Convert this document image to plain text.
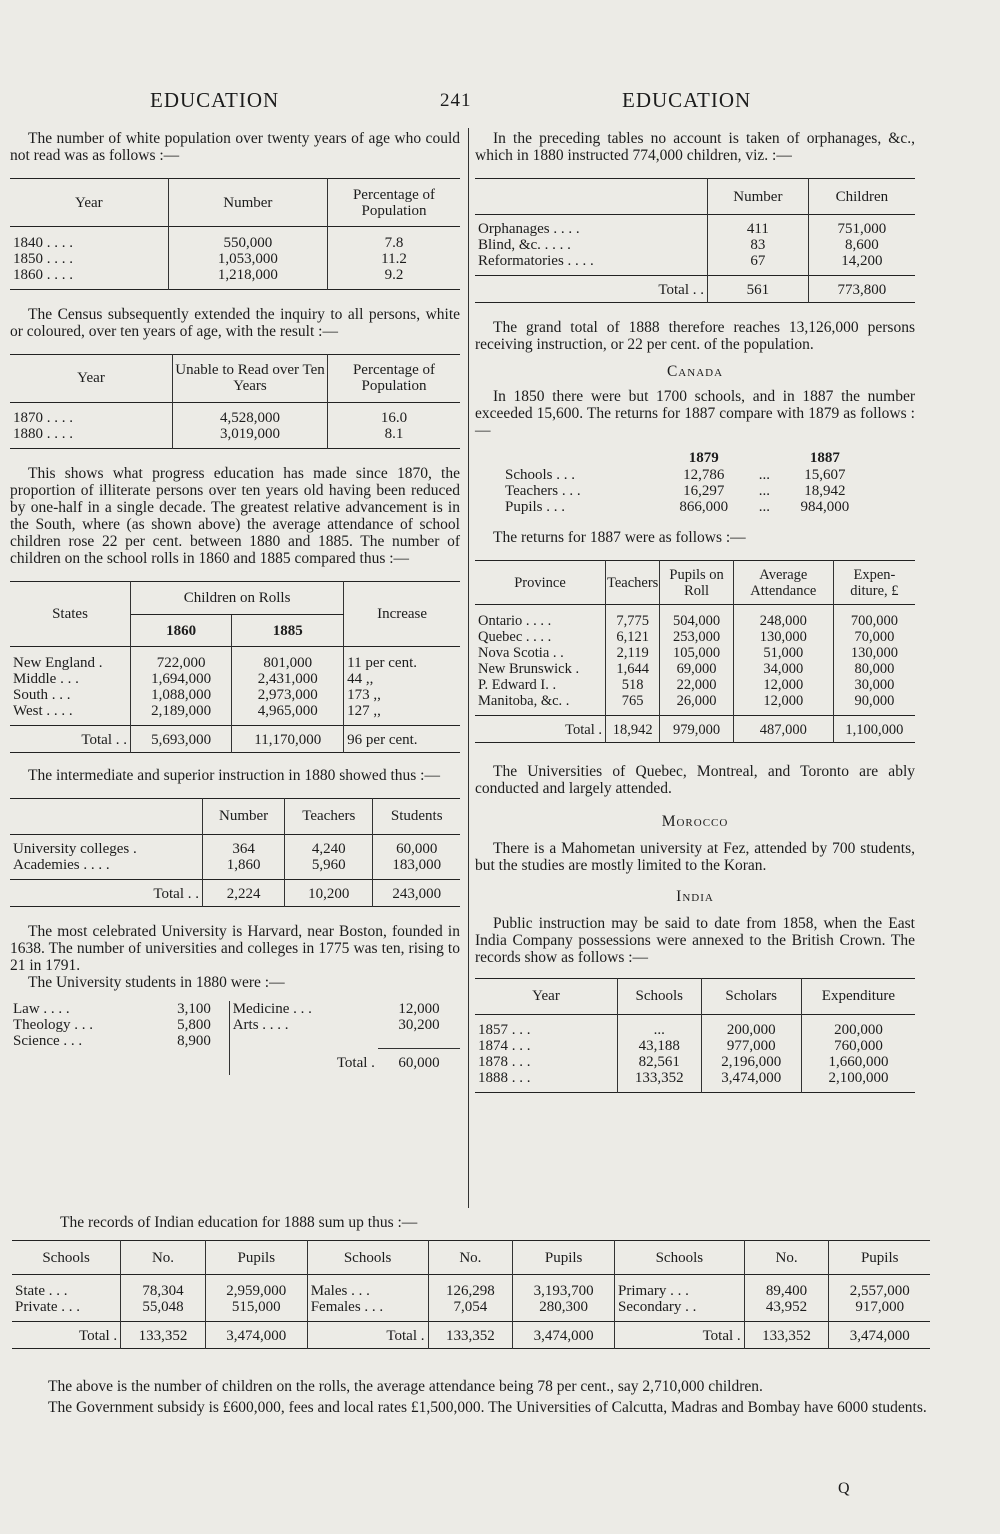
EDUCATION	241	EDUCATION

The number of white population over twenty years of age who could not read was as follows :—

Year	Number	Percentage of Population

1840 . . . .	550,000	7.8
1850 . . . .	1,053,000	11.2
1860 . . . .	1,218,000	9.2

The Census subsequently extended the inquiry to all persons, white or coloured, over ten years of age, with the result :—

Year	Unable to Read over Ten Years	Percentage of Population

1870 . . . .	4,528,000	16.0
1880 . . . .	3,019,000	8.1

This shows what progress education has made since 1870, the proportion of illiterate persons over ten years old having been reduced by one-half in a single decade. The greatest relative advancement is in the South, where (as shown above) the average attendance of school children rose 22 per cent. between 1880 and 1885. The number of children on the school rolls in 1860 and 1885 compared thus :—

States	Children on Rolls		Increase
	1860	1885	

New England .	722,000	801,000	11 per cent.
Middle . . .	1,694,000	2,431,000	44 ,,
South . . .	1,088,000	2,973,000	173 ,,
West . . . .	2,189,000	4,965,000	127 ,,
Total . .	5,693,000	11,170,000	96 per cent.

The intermediate and superior instruction in 1880 showed thus :—

	Number	Teachers	Students
University colleges .	364	4,240	60,000
Academies . . . .	1,860	5,960	183,000
Total . .	2,224	10,200	243,000

The most celebrated University is Harvard, near Boston, founded in 1638. The number of universities and colleges in 1775 was ten, rising to 21 in 1791.

The University students in 1880 were :—

Law . . . .	3,100	Medicine . . .	12,000
Theology . . .	5,800	Arts . . . .	30,200
Science . . .	8,900		
		Total .	60,000

In the preceding tables no account is taken of orphanages, &c., which in 1880 instructed 774,000 children, viz. :—

	Number	Children
Orphanages . . . .	411	751,000
Blind, &c. . . . .	83	8,600
Reformatories . . . .	67	14,200
Total . .	561	773,800

The grand total of 1888 therefore reaches 13,126,000 persons receiving instruction, or 22 per cent. of the population.

Canada

In 1850 there were but 1700 schools, and in 1887 the number exceeded 15,600. The returns for 1887 compare with 1879 as follows :—

	1879		1887
Schools . . .	12,786	...	15,607
Teachers . . .	16,297	...	18,942
Pupils . . .	866,000	...	984,000

The returns for 1887 were as follows :—

Province	Teachers	Pupils on Roll	Average Attendance	Expen-diture, £

Ontario . . . .	7,775	504,000	248,000	700,000
Quebec . . . .	6,121	253,000	130,000	70,000
Nova Scotia . .	2,119	105,000	51,000	130,000
New Brunswick .	1,644	69,000	34,000	80,000
P. Edward I. .	518	22,000	12,000	30,000
Manitoba, &c. .	765	26,000	12,000	90,000
Total .	18,942	979,000	487,000	1,100,000

The Universities of Quebec, Montreal, and Toronto are ably conducted and largely attended.

Morocco

There is a Mahometan university at Fez, attended by 700 students, but the studies are mostly limited to the Koran.

India

Public instruction may be said to date from 1858, when the East India Company possessions were annexed to the British Crown. The records show as follows :—

Year	Schools	Scholars	Expenditure

1857 . . .	...	200,000	200,000
1874 . . .	43,188	977,000	760,000
1878 . . .	82,561	2,196,000	1,660,000
1888 . . .	133,352	3,474,000	2,100,000

The records of Indian education for 1888 sum up thus :—

Schools	No.	Pupils	Schools	No.	Pupils	Schools	No.	Pupils

State . . .	78,304	2,959,000	Males . . .	126,298	3,193,700	Primary . . .	89,400	2,557,000
Private . . .	55,048	515,000	Females . . .	7,054	280,300	Secondary . .	43,952	917,000
Total .	133,352	3,474,000	Total .	133,352	3,474,000	Total .	133,352	3,474,000

The above is the number of children on the rolls, the average attendance being 78 per cent., say 2,710,000 children.

The Government subsidy is £600,000, fees and local rates £1,500,000. The Universities of Calcutta, Madras and Bombay have 6000 students.

Q
